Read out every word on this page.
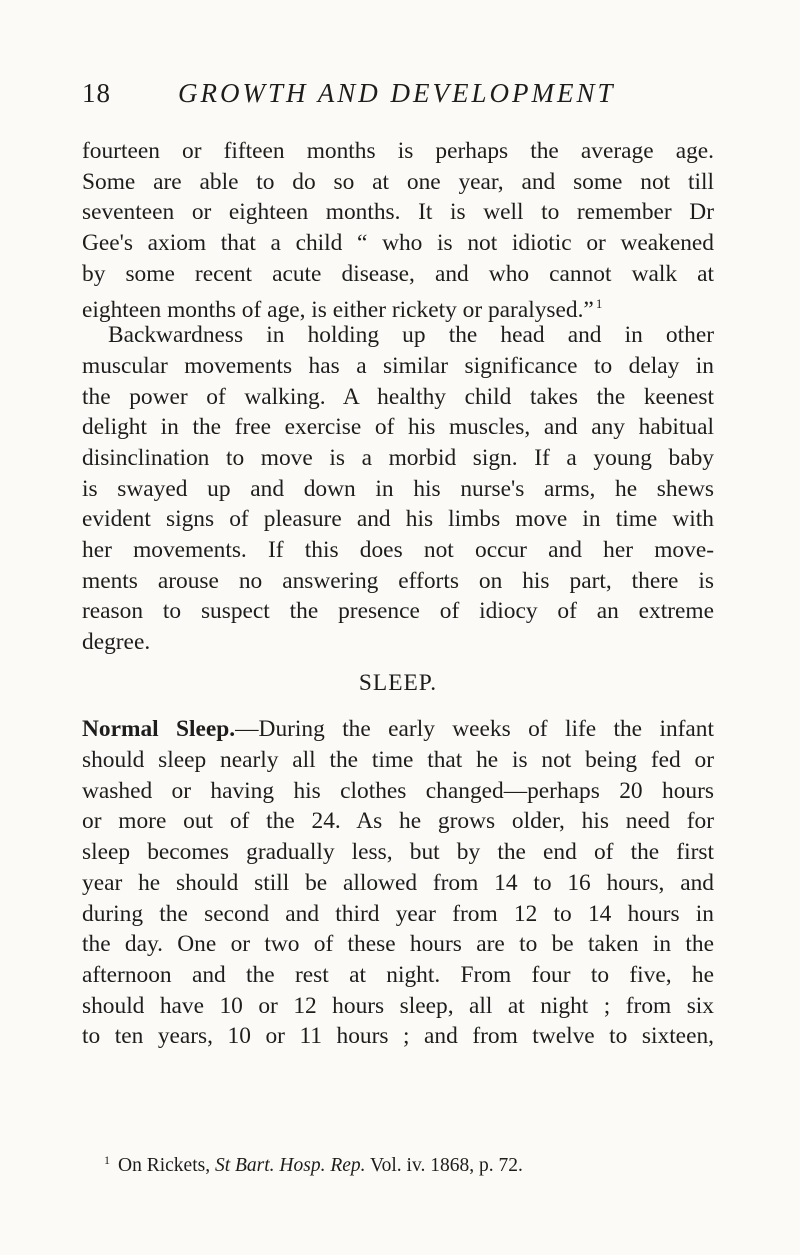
18 GROWTH AND DEVELOPMENT
fourteen or fifteen months is perhaps the average age.
Some are able to do so at one year, and some not till
seventeen or eighteen months. It is well to remember Dr
Gee's axiom that a child “ who is not idiotic or weakened
by some recent acute disease, and who cannot walk at
eighteen months of age, is either rickety or paralysed.” $^1$
Backwardness in holding up the head and in other
muscular movements has a similar significance to delay in
the power of walking. A healthy child takes the keenest
delight in the free exercise of his muscles, and any habitual
disinclination to move is a morbid sign. If a young baby
is swayed up and down in his nurse's arms, he shews
evident signs of pleasure and his limbs move in time with
her movements. If this does not occur and her move-
ments arouse no answering efforts on his part, there is
reason to suspect the presence of idiocy of an extreme
degree.
SLEEP.
Normal Sleep.—During the early weeks of life the infant
should sleep nearly all the time that he is not being fed or
washed or having his clothes changed—perhaps 20 hours
or more out of the 24. As he grows older, his need for
sleep becomes gradually less, but by the end of the first
year he should still be allowed from 14 to 16 hours, and
during the second and third year from 12 to 14 hours in
the day. One or two of these hours are to be taken in the
afternoon and the rest at night. From four to five, he
should have 10 or 12 hours sleep, all at night ; from six
to ten years, 10 or 11 hours ; and from twelve to sixteen,
$^1$ On Rickets, St Bart. Hosp. Rep. Vol. iv. 1868, p. 72.
